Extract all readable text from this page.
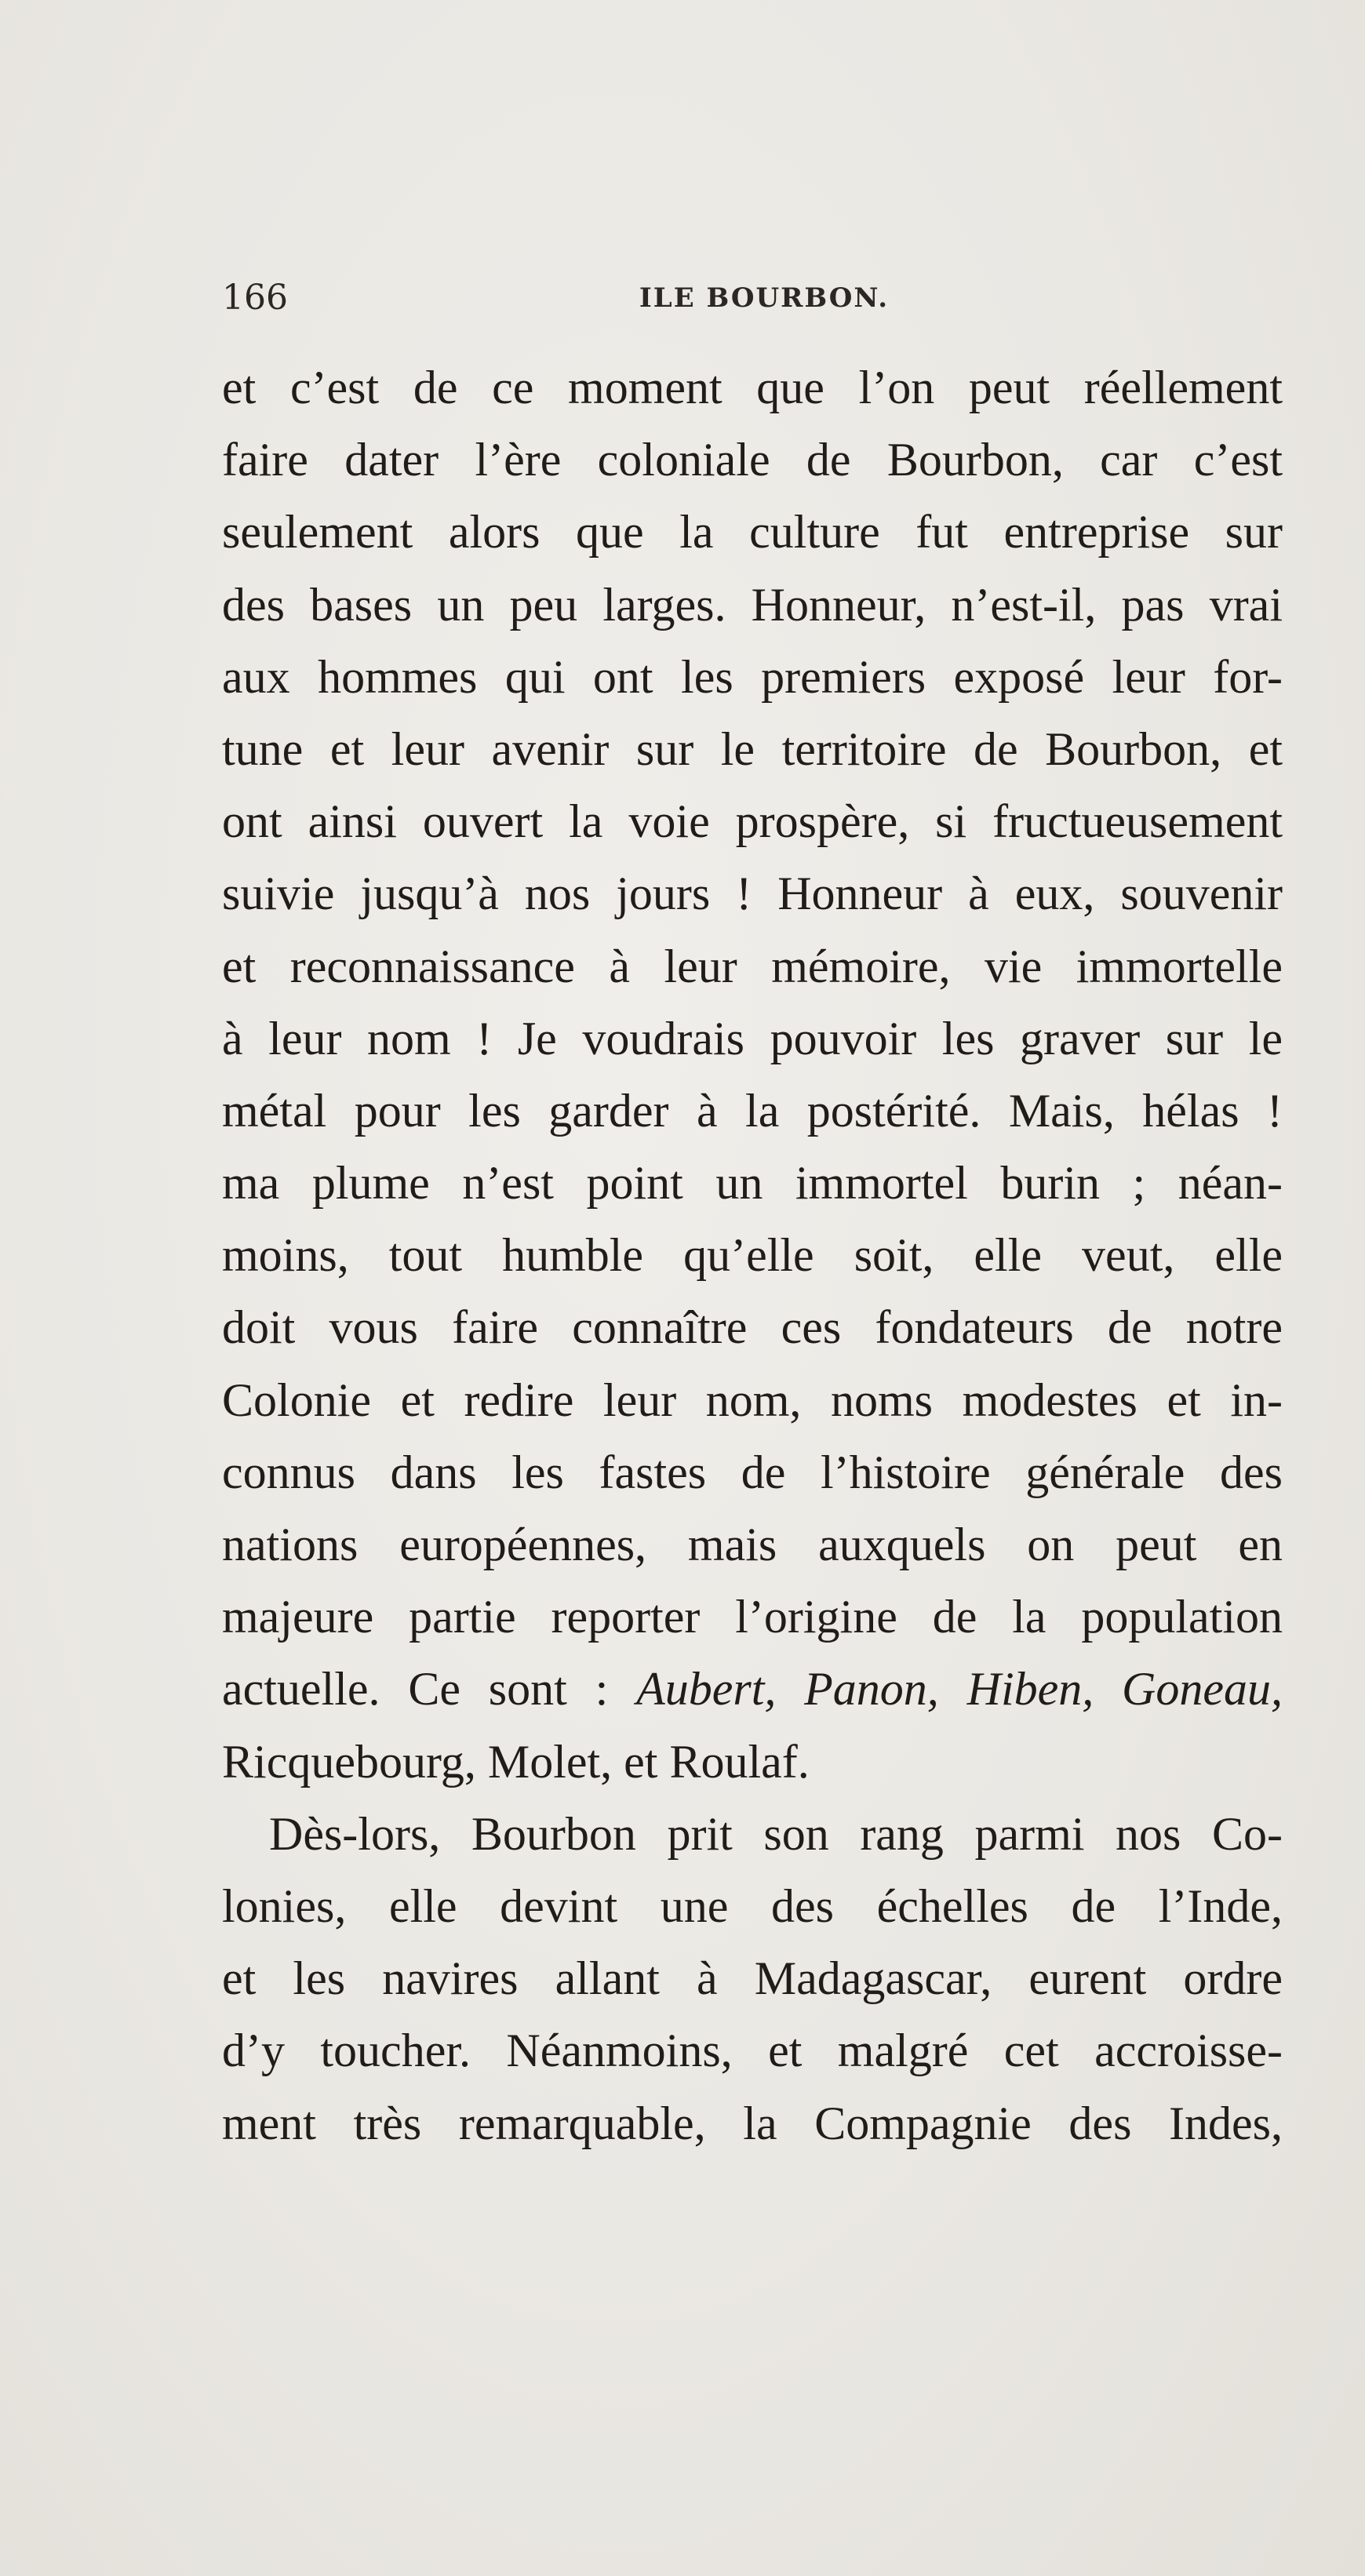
166	ILE BOURBON.
et c’est de ce moment que l’on peut réellement
faire dater l’ère coloniale de Bourbon, car c’est
seulement alors que la culture fut entreprise sur
des bases un peu larges. Honneur, n’est-il, pas vrai
aux hommes qui ont les premiers exposé leur for-
tune et leur avenir sur le territoire de Bourbon, et
ont ainsi ouvert la voie prospère, si fructueusement
suivie jusqu’à nos jours ! Honneur à eux, souvenir
et reconnaissance à leur mémoire, vie immortelle
à leur nom ! Je voudrais pouvoir les graver sur le
métal pour les garder à la postérité. Mais, hélas !
ma plume n’est point un immortel burin ; néan-
moins, tout humble qu’elle soit, elle veut, elle
doit vous faire connaître ces fondateurs de notre
Colonie et redire leur nom, noms modestes et in-
connus dans les fastes de l’histoire générale des
nations européennes, mais auxquels on peut en
majeure partie reporter l’origine de la population
actuelle. Ce sont : Aubert, Panon, Hiben, Goneau,
Ricquebourg, Molet, et Roulaf.
Dès-lors, Bourbon prit son rang parmi nos Co-
lonies, elle devint une des échelles de l’Inde,
et les navires allant à Madagascar, eurent ordre
d’y toucher. Néanmoins, et malgré cet accroisse-
ment très remarquable, la Compagnie des Indes,
